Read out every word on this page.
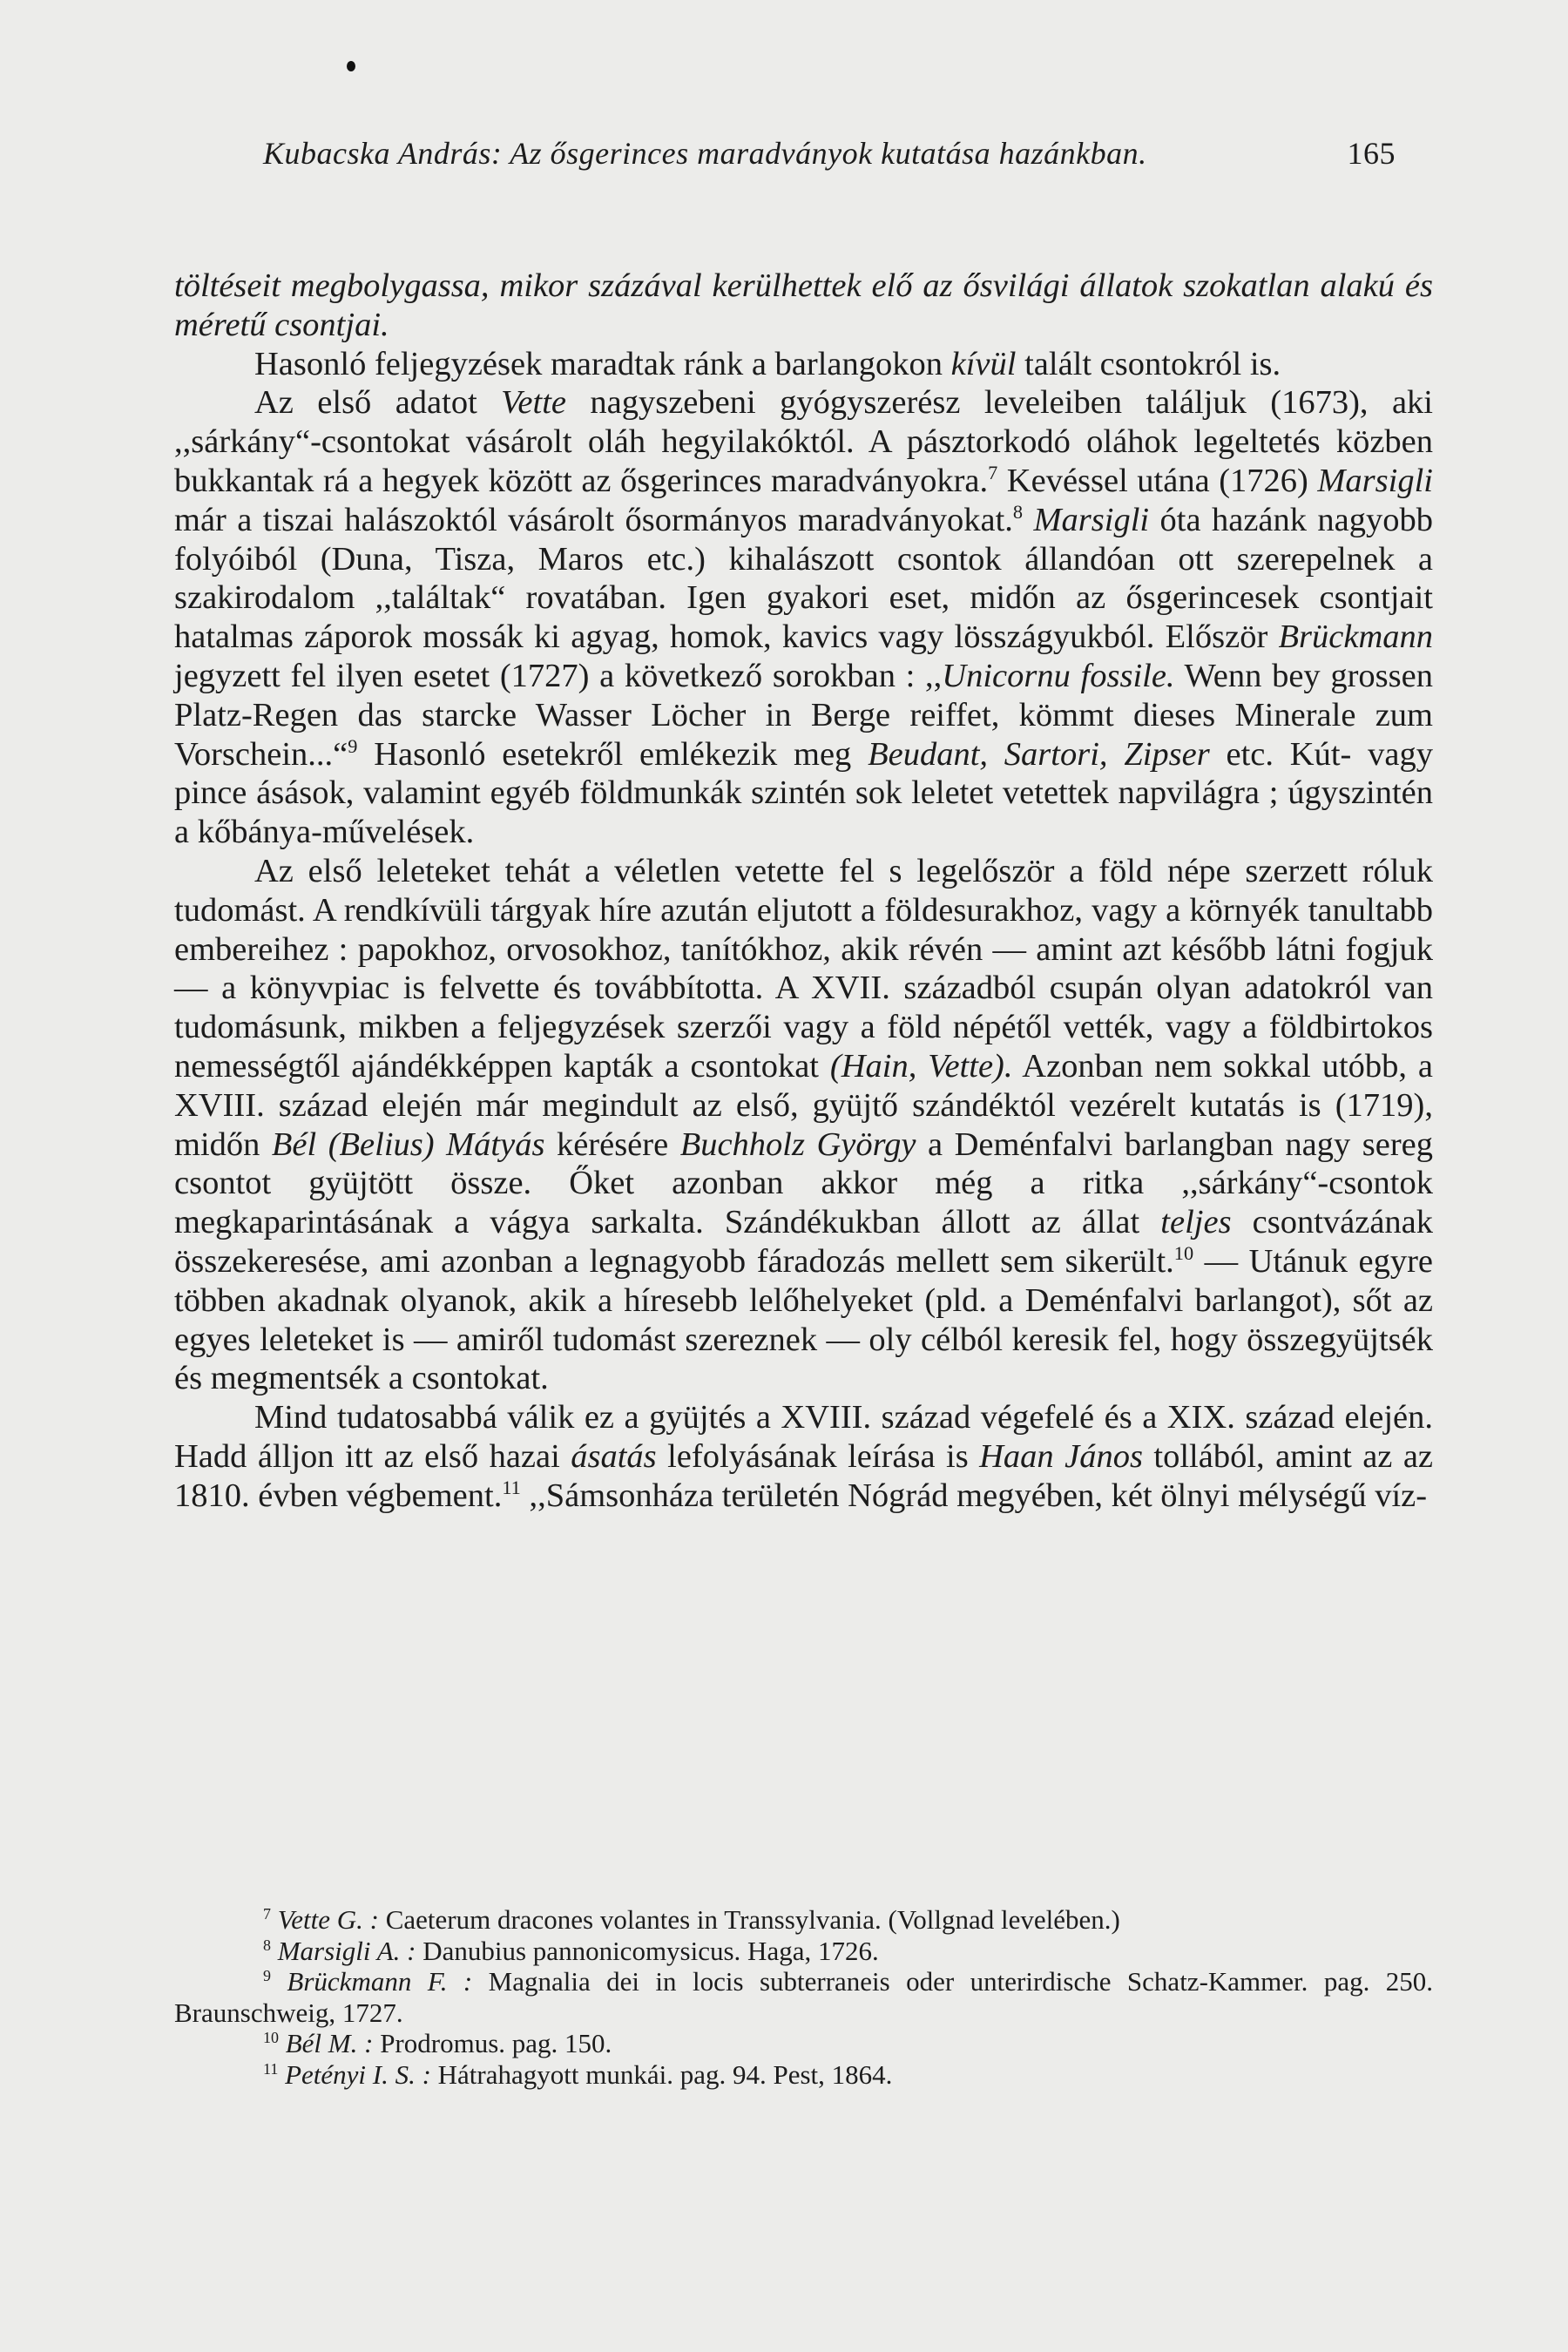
Kubacska András: Az ősgerinces maradványok kutatása hazánkban.	165

töltéseit megbolygassa, mikor százával kerülhettek elő az ősvilági állatok szokatlan alakú és méretű csontjai.

Hasonló feljegyzések maradtak ránk a barlangokon kívül talált csontokról is.

Az első adatot Vette nagyszebeni gyógyszerész leveleiben találjuk (1673), aki ,,sárkány“-csontokat vásárolt oláh hegyilakóktól. A pásztorkodó oláhok legeltetés közben bukkantak rá a hegyek között az ősgerinces maradványokra.$^7$ Kevéssel utána (1726) Marsigli már a tiszai halászoktól vásárolt ősormányos maradványokat.$^8$ Marsigli óta hazánk nagyobb folyóiból (Duna, Tisza, Maros etc.) kihalászott csontok állandóan ott szerepelnek a szakirodalom ,,találtak“ rovatában. Igen gyakori eset, midőn az ősgerincesek csontjait hatalmas záporok mossák ki agyag, homok, kavics vagy lösszágyukból. Először Brückmann jegyzett fel ilyen esetet (1727) a következő sorokban : ,,Unicornu fossile. Wenn bey grossen Platz-Regen das starcke Wasser Löcher in Berge reiffet, kömmt dieses Minerale zum Vorschein...“$^9$ Hasonló esetekről emlékezik meg Beudant, Sartori, Zipser etc. Kút- vagy pince ásások, valamint egyéb földmunkák szintén sok leletet vetettek napvilágra ; úgyszintén a kőbánya-művelések.

Az első leleteket tehát a véletlen vetette fel s legelőször a föld népe szerzett róluk tudomást. A rendkívüli tárgyak híre azután eljutott a földesurakhoz, vagy a környék tanultabb embereihez : papokhoz, orvosokhoz, tanítókhoz, akik révén — amint azt később látni fogjuk — a könyvpiac is felvette és továbbította. A XVII. századból csupán olyan adatokról van tudomásunk, mikben a feljegyzések szerzői vagy a föld népétől vették, vagy a földbirtokos nemességtől ajándékképpen kapták a csontokat (Hain, Vette). Azonban nem sokkal utóbb, a XVIII. század elején már megindult az első, gyüjtő szándéktól vezérelt kutatás is (1719), midőn Bél (Belius) Mátyás kérésére Buchholz György a Deménfalvi barlangban nagy sereg csontot gyüjtött össze. Őket azonban akkor még a ritka ,,sárkány“-csontok megkaparintásának a vágya sarkalta. Szándékukban állott az állat teljes csontvázának összekeresése, ami azonban a legnagyobb fáradozás mellett sem sikerült.$^{10}$ — Utánuk egyre többen akadnak olyanok, akik a híresebb lelőhelyeket (pld. a Deménfalvi barlangot), sőt az egyes leleteket is — amiről tudomást szereznek — oly célból keresik fel, hogy összegyüjtsék és megmentsék a csontokat.

Mind tudatosabbá válik ez a gyüjtés a XVIII. század végefelé és a XIX. század elején. Hadd álljon itt az első hazai ásatás lefolyásának leírása is Haan János tollából, amint az az 1810. évben végbement.$^{11}$ ,,Sámsonháza területén Nógrád megyében, két ölnyi mélységű víz-

$^7$ Vette G. : Caeterum dracones volantes in Transsylvania. (Vollgnad levelében.)

$^8$ Marsigli A. : Danubius pannonicomysicus. Haga, 1726.

$^9$ Brückmann F. : Magnalia dei in locis subterraneis oder unterirdische Schatz-Kammer. pag. 250. Braunschweig, 1727.

$^{10}$ Bél M. : Prodromus. pag. 150.

$^{11}$ Petényi I. S. : Hátrahagyott munkái. pag. 94. Pest, 1864.
